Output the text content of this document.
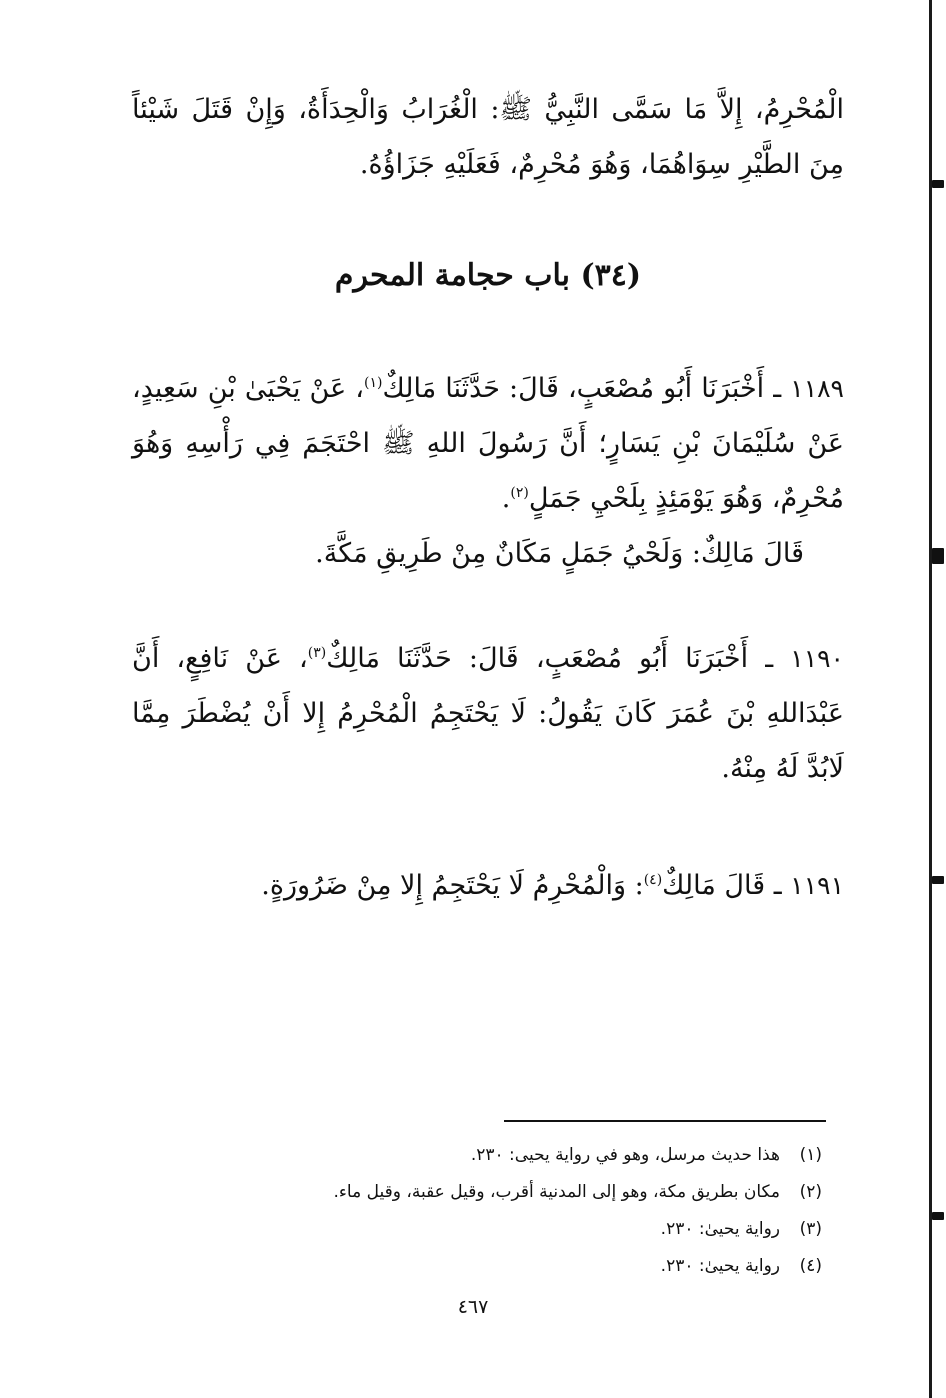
الْمُحْرِمُ، إِلاَّ مَا سَمَّى النَّبِيُّ ﷺ: الْغُرَابُ وَالْحِدَأَةُ، وَإِنْ قَتَلَ شَيْئاً مِنَ الطَّيْرِ سِوَاهُمَا، وَهُوَ مُحْرِمٌ، فَعَلَيْهِ جَزَاؤُهُ.

(٣٤) باب حجامة المحرم

١١٨٩ ـ أَخْبَرَنَا أَبُو مُصْعَبٍ، قَالَ: حَدَّثَنَا مَالِكٌ$^{(١)}$، عَنْ يَحْيَىٰ بْنِ سَعِيدٍ، عَنْ سُلَيْمَانَ بْنِ يَسَارٍ؛ أَنَّ رَسُولَ اللهِ ﷺ احْتَجَمَ فِي رَأْسِهِ وَهُوَ مُحْرِمٌ، وَهُوَ يَوْمَئِذٍ بِلَحْيِ جَمَلٍ$^{(٢)}$.

قَالَ مَالِكٌ: وَلَحْيُ جَمَلٍ مَكَانٌ مِنْ طَرِيقِ مَكَّةَ.

١١٩٠ ـ أَخْبَرَنَا أَبُو مُصْعَبٍ، قَالَ: حَدَّثَنَا مَالِكٌ$^{(٣)}$، عَنْ نَافِعٍ، أَنَّ عَبْدَاللهِ بْنَ عُمَرَ كَانَ يَقُولُ: لَا يَحْتَجِمُ الْمُحْرِمُ إِلا أَنْ يُضْطَرَ مِمَّا لَابُدَّ لَهُ مِنْهُ.

١١٩١ ـ قَالَ مَالِكٌ$^{(٤)}$: وَالْمُحْرِمُ لَا يَحْتَجِمُ إِلا مِنْ ضَرُورَةٍ.

(١)هذا حديث مرسل، وهو في رواية يحيى: ٢٣٠.
(٢)مكان بطريق مكة، وهو إلى المدنية أقرب، وقيل عقبة، وقيل ماء.
(٣)رواية يحيىٰ: ٢٣٠.
(٤)رواية يحيىٰ: ٢٣٠.
٤٦٧
